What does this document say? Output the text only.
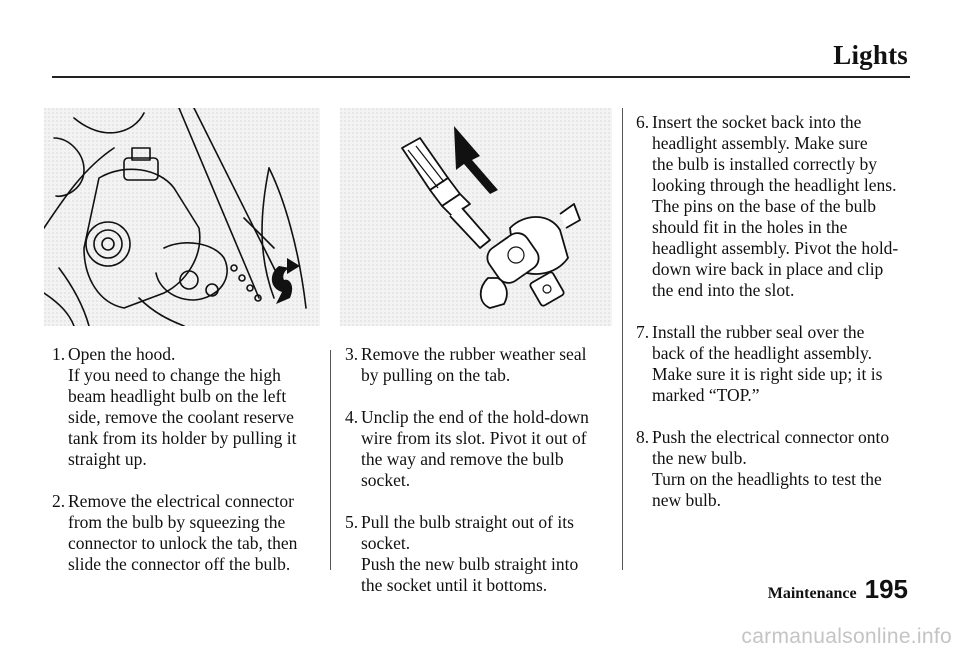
Lights
1. Open the hood.
If you need to change the high
beam headlight bulb on the left
side, remove the coolant reserve
tank from its holder by pulling it
straight up.
2. Remove the electrical connector
from the bulb by squeezing the
connector to unlock the tab, then
slide the connector off the bulb.
3. Remove the rubber weather seal
by pulling on the tab.
4. Unclip the end of the hold-down
wire from its slot. Pivot it out of
the way and remove the bulb
socket.
5. Pull the bulb straight out of its
socket.
Push the new bulb straight into
the socket until it bottoms.
6. Insert the socket back into the
headlight assembly. Make sure
the bulb is installed correctly by
looking through the headlight lens.
The pins on the base of the bulb
should fit in the holes in the
headlight assembly. Pivot the hold-
down wire back in place and clip
the end into the slot.
7. Install the rubber seal over the
back of the headlight assembly.
Make sure it is right side up; it is
marked “TOP.”
8. Push the electrical connector onto
the new bulb.
Turn on the headlights to test the
new bulb.
Maintenance 195
carmanualsonline.info
